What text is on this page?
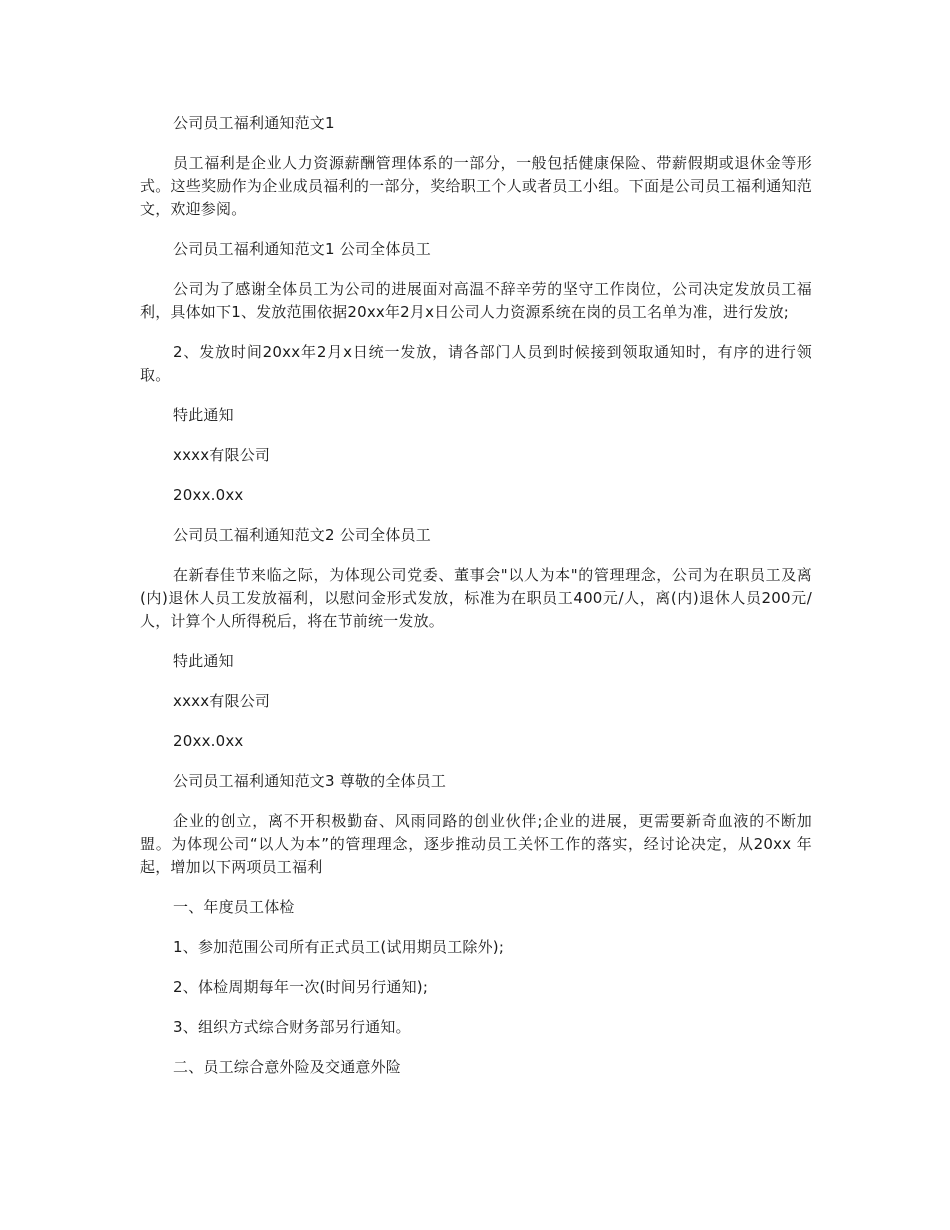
公司员工福利通知范文1

员工福利是企业人力资源薪酬管理体系的一部分，一般包括健康保险、带薪假期或退休金等形式。这些奖励作为企业成员福利的一部分，奖给职工个人或者员工小组。下面是公司员工福利通知范文，欢迎参阅。

公司员工福利通知范文1 公司全体员工

公司为了感谢全体员工为公司的进展面对高温不辞辛劳的坚守工作岗位，公司决定发放员工福利，具体如下1、发放范围依据20xx年2月x日公司人力资源系统在岗的员工名单为准，进行发放;

2、发放时间20xx年2月x日统一发放，请各部门人员到时候接到领取通知时，有序的进行领取。

特此通知

xxxx有限公司

20xx.0xx

公司员工福利通知范文2 公司全体员工

在新春佳节来临之际，为体现公司党委、董事会"以人为本"的管理理念，公司为在职员工及离(内)退休人员工发放福利，以慰问金形式发放，标准为在职员工400元/人，离(内)退休人员200元/人，计算个人所得税后，将在节前统一发放。

特此通知

xxxx有限公司

20xx.0xx

公司员工福利通知范文3 尊敬的全体员工

企业的创立，离不开积极勤奋、风雨同路的创业伙伴;企业的进展，更需要新奇血液的不断加盟。为体现公司“以人为本”的管理理念，逐步推动员工关怀工作的落实，经讨论决定，从20xx 年起，增加以下两项员工福利

一、年度员工体检

1、参加范围公司所有正式员工(试用期员工除外);

2、体检周期每年一次(时间另行通知);

3、组织方式综合财务部另行通知。

二、员工综合意外险及交通意外险
